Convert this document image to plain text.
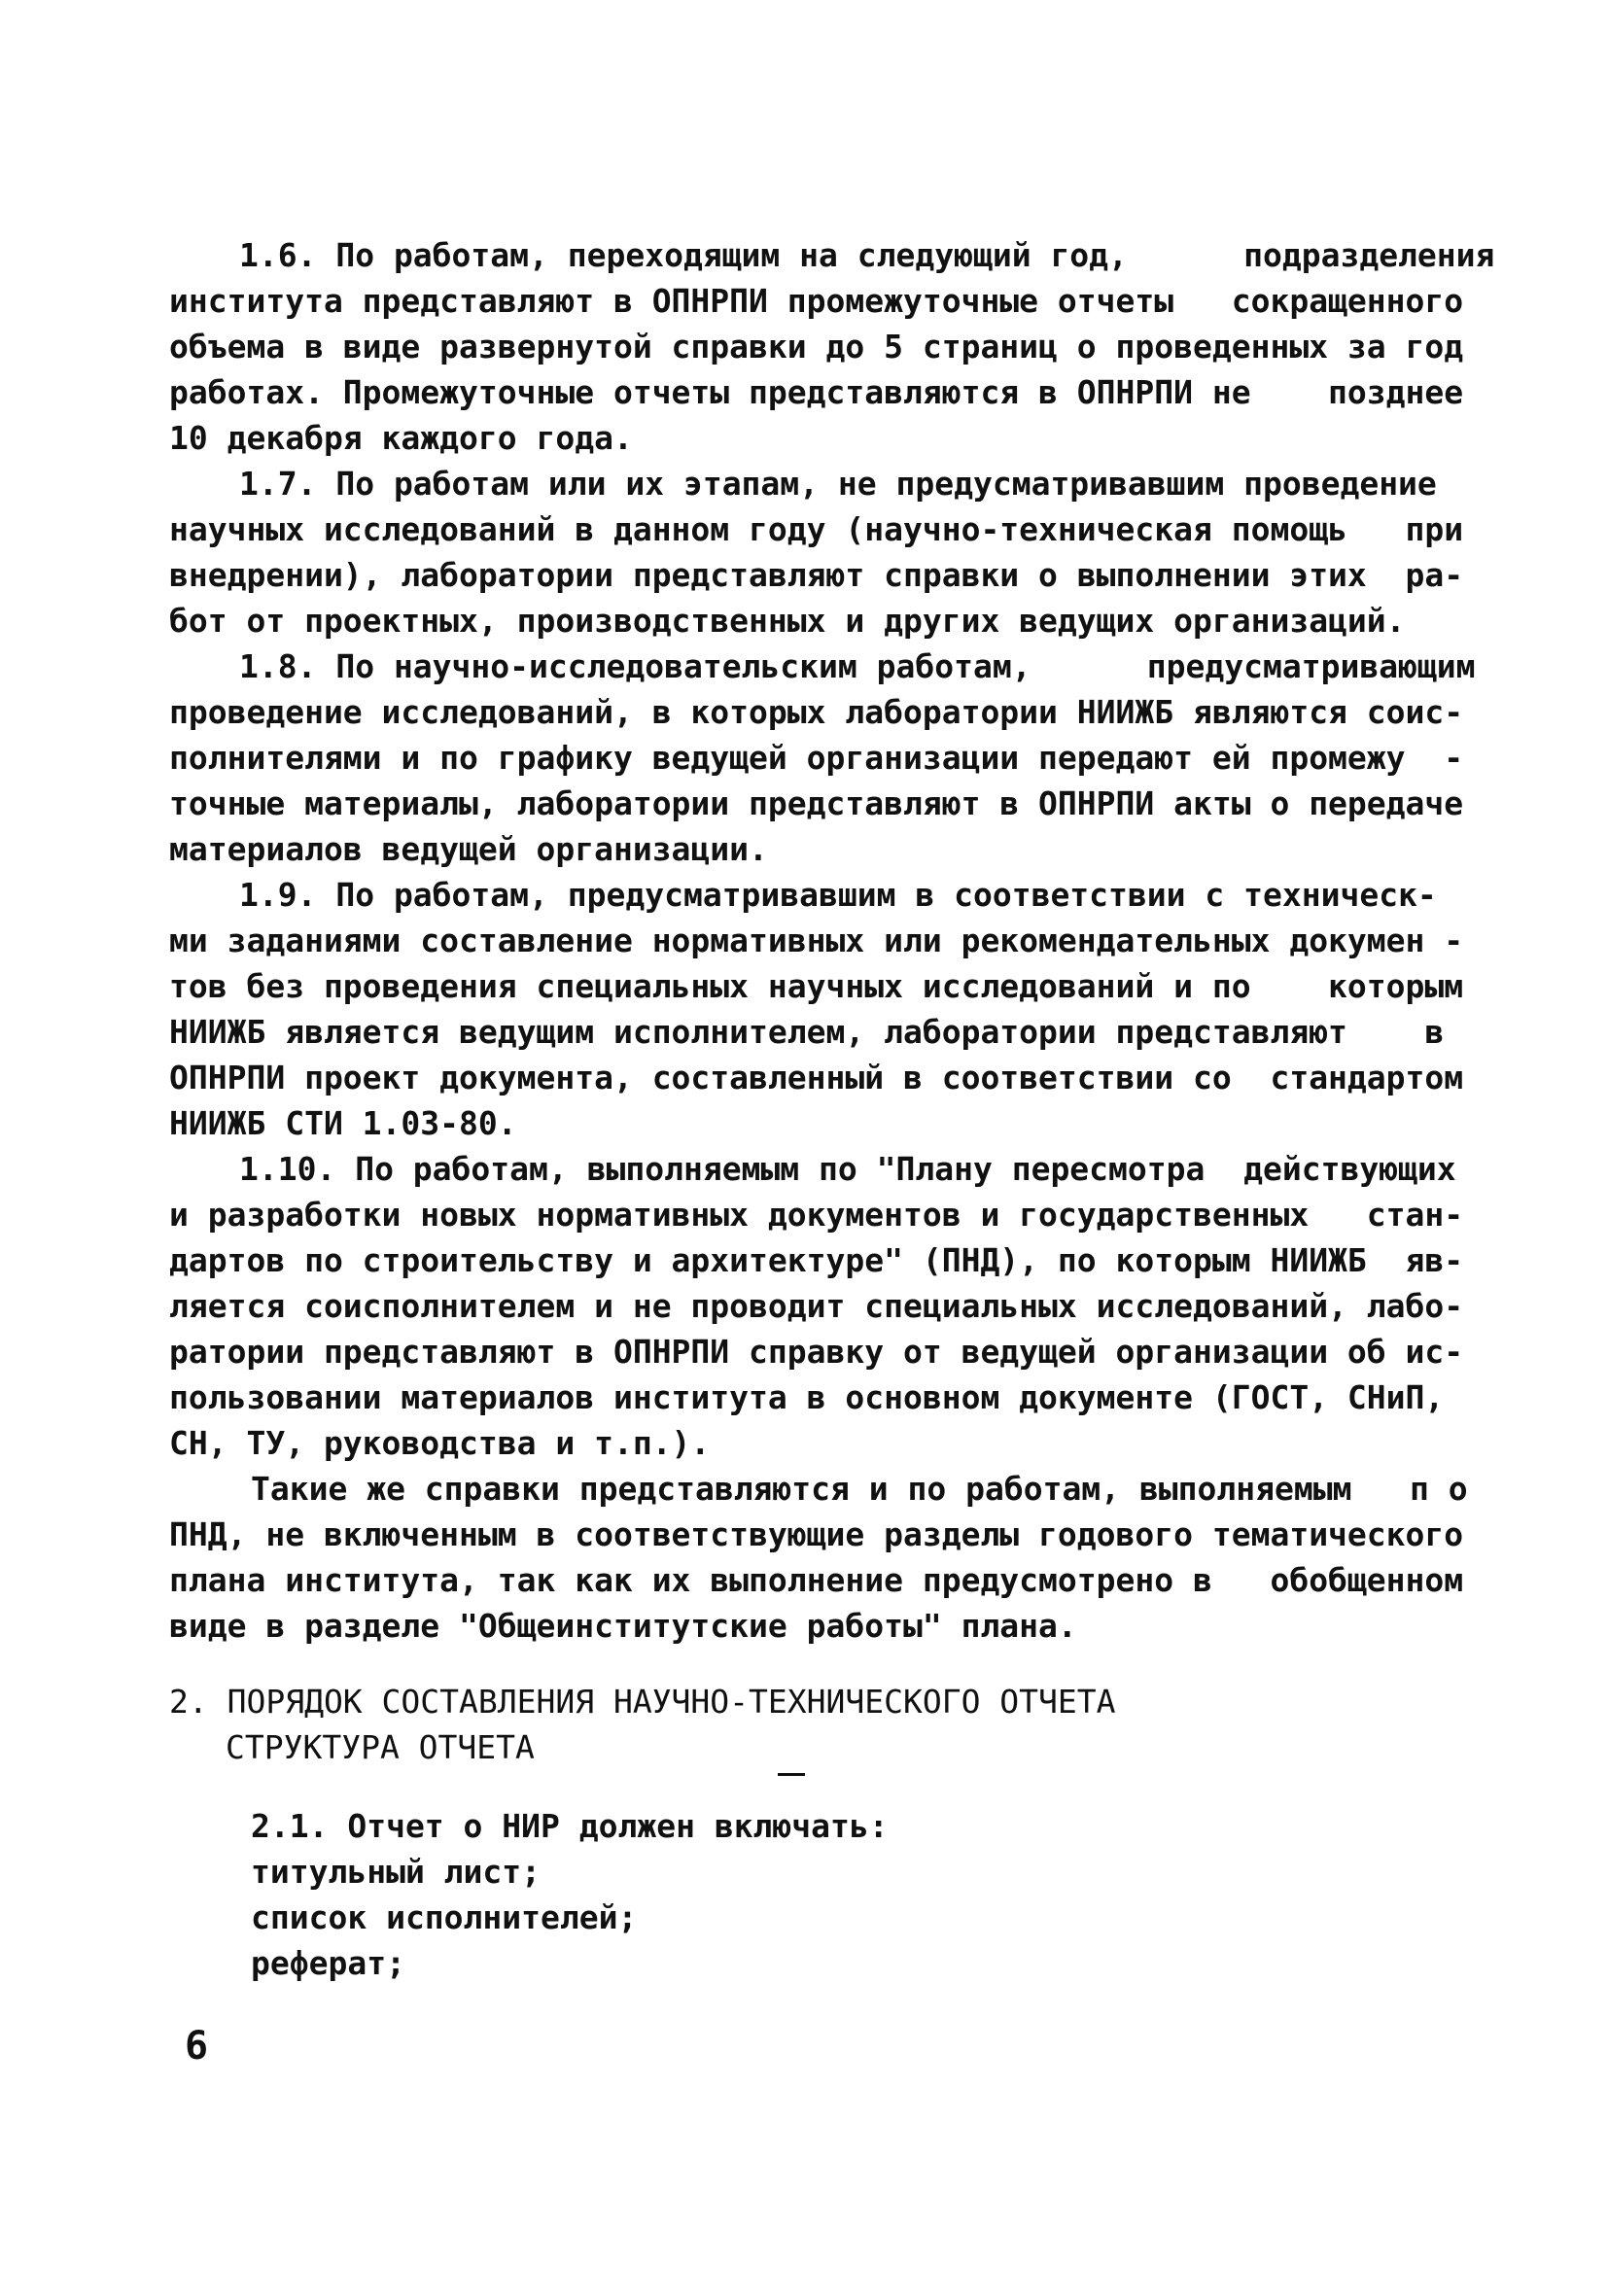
1.6. По работам, переходящим на следующий год,      подразделения
института представляют в ОПНРПИ промежуточные отчеты   сокращенного
объема в виде развернутой справки до 5 страниц о проведенных за год
работах. Промежуточные отчеты представляются в ОПНРПИ не    позднее
10 декабря каждого года.
1.7. По работам или их этапам, не предусматривавшим проведение
научных исследований в данном году (научно-техническая помощь   при
внедрении), лаборатории представляют справки о выполнении этих  ра-
бот от проектных, производственных и других ведущих организаций.
1.8. По научно-исследовательским работам,      предусматривающим
проведение исследований, в которых лаборатории НИИЖБ являются соис-
полнителями и по графику ведущей организации передают ей промежу  -
точные материалы, лаборатории представляют в ОПНРПИ акты о передаче
материалов ведущей организации.
1.9. По работам, предусматривавшим в соответствии с техническ-
ми заданиями составление нормативных или рекомендательных докумен -
тов без проведения специальных научных исследований и по    которым
НИИЖБ является ведущим исполнителем, лаборатории представляют    в
ОПНРПИ проект документа, составленный в соответствии со  стандартом
НИИЖБ СТИ 1.03-80.
1.10. По работам, выполняемым по "Плану пересмотра  действующих
и разработки новых нормативных документов и государственных   стан-
дартов по строительству и архитектуре" (ПНД), по которым НИИЖБ  яв-
ляется соисполнителем и не проводит специальных исследований, лабо-
ратории представляют в ОПНРПИ справку от ведущей организации об ис-
пользовании материалов института в основном документе (ГОСТ, СНиП,
СН, ТУ, руководства и т.п.).
Такие же справки представляются и по работам, выполняемым   п о
ПНД, не включенным в соответствующие разделы годового тематического
плана института, так как их выполнение предусмотрено в   обобщенном
виде в разделе "Общеинститутские работы" плана.
2. ПОРЯДОК СОСТАВЛЕНИЯ НАУЧНО-ТЕХНИЧЕСКОГО ОТЧЕТА
СТРУКТУРА ОТЧЕТА
2.1. Отчет о НИР должен включать:
титульный лист;
список исполнителей;
реферат;
6
